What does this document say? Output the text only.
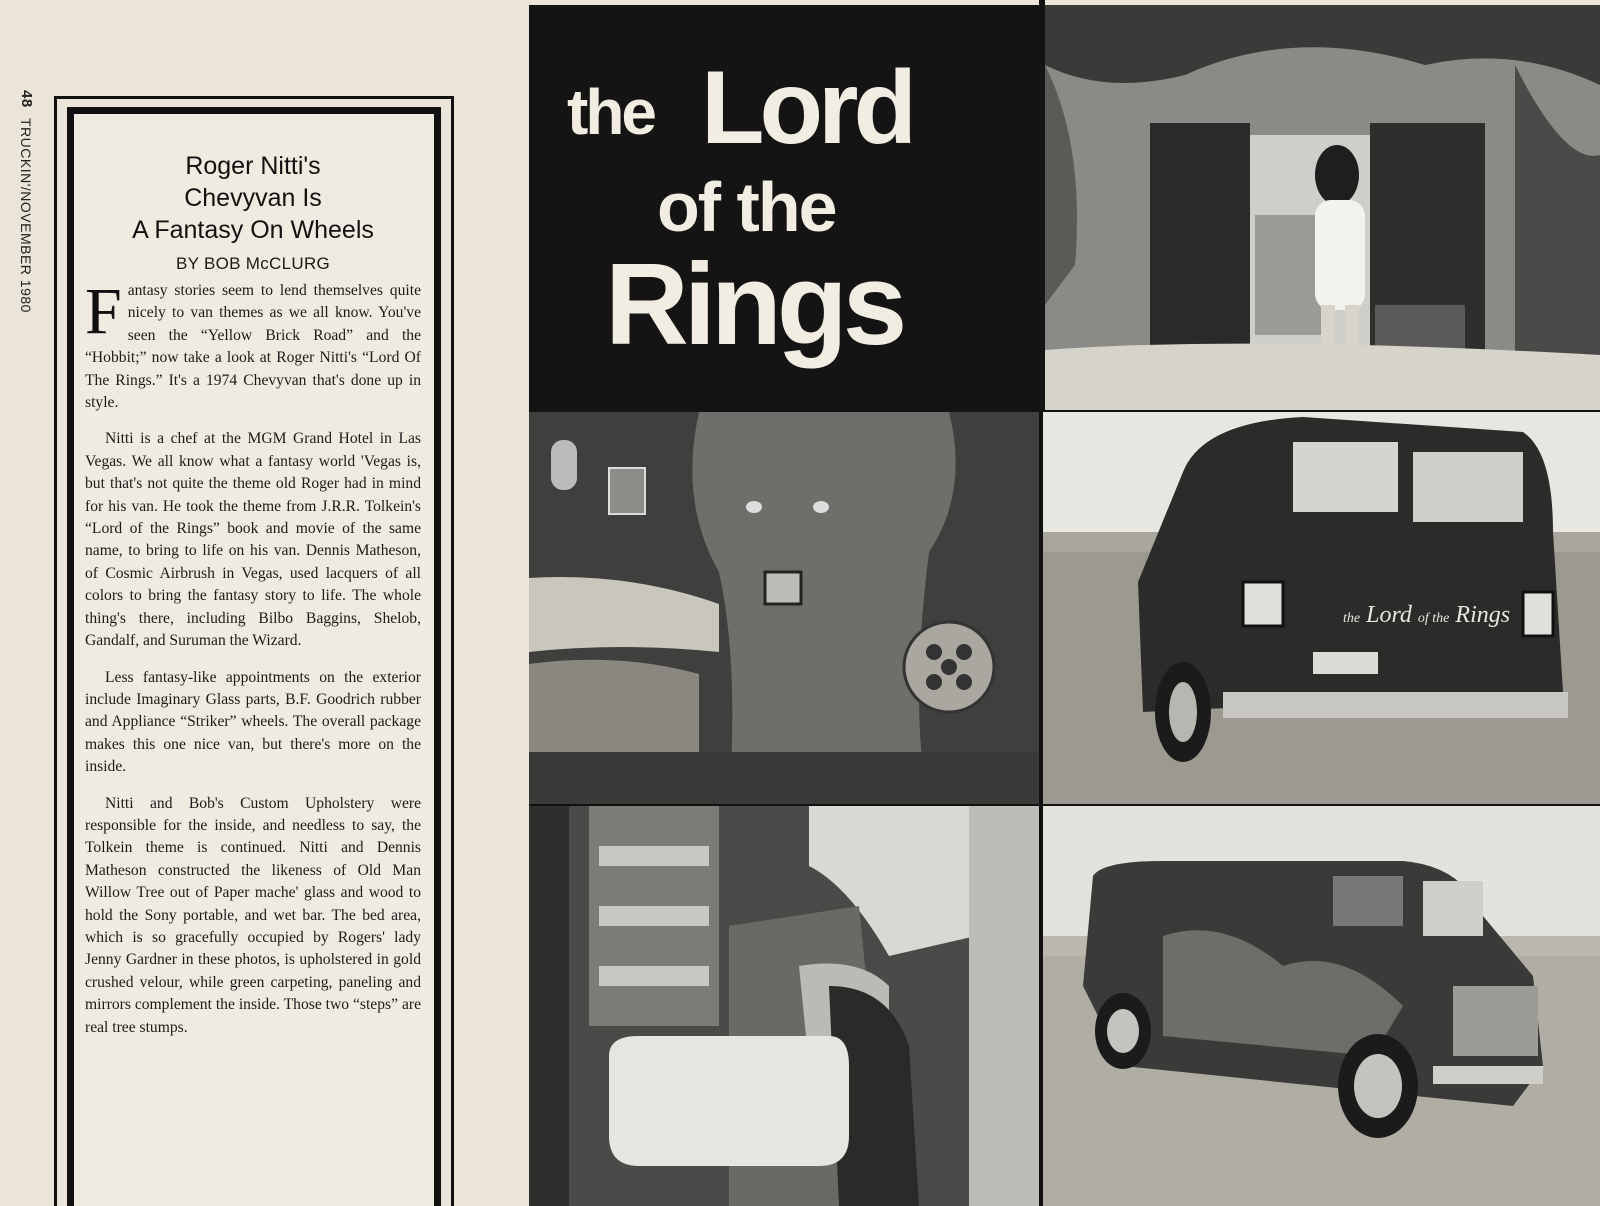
48 TRUCKIN'/NOVEMBER 1980	Roger Nitti's
Chevyvan Is
A Fantasy On Wheels
BY BOB McCLURG

Fantasy stories seem to lend themselves quite nicely to van themes as we all know. You've seen the “Yellow Brick Road” and the “Hobbit;” now take a look at Roger Nitti's “Lord Of The Rings.” It's a 1974 Chevyvan that's done up in style.

Nitti is a chef at the MGM Grand Hotel in Las Vegas. We all know what a fantasy world 'Vegas is, but that's not quite the theme old Roger had in mind for his van. He took the theme from J.R.R. Tolkein's “Lord of the Rings” book and movie of the same name, to bring to life on his van. Dennis Matheson, of Cosmic Airbrush in Vegas, used lacquers of all colors to bring the fantasy story to life. The whole thing's there, including Bilbo Baggins, Shelob, Gandalf, and Suruman the Wizard.

Less fantasy-like appointments on the exterior include Imaginary Glass parts, B.F. Goodrich rubber and Appliance “Striker” wheels. The overall package makes this one nice van, but there's more on the inside.

Nitti and Bob's Custom Upholstery were responsible for the inside, and needless to say, the Tolkein theme is continued. Nitti and Dennis Matheson constructed the likeness of Old Man Willow Tree out of Paper mache' glass and wood to hold the Sony portable, and wet bar. The bed area, which is so gracefully occupied by Rogers' lady Jenny Gardner in these photos, is upholstered in gold crushed velour, while green carpeting, paneling and mirrors complement the inside. Those two “steps” are real tree stumps.

the Lord
of the
Rings
the Lord of the Rings
